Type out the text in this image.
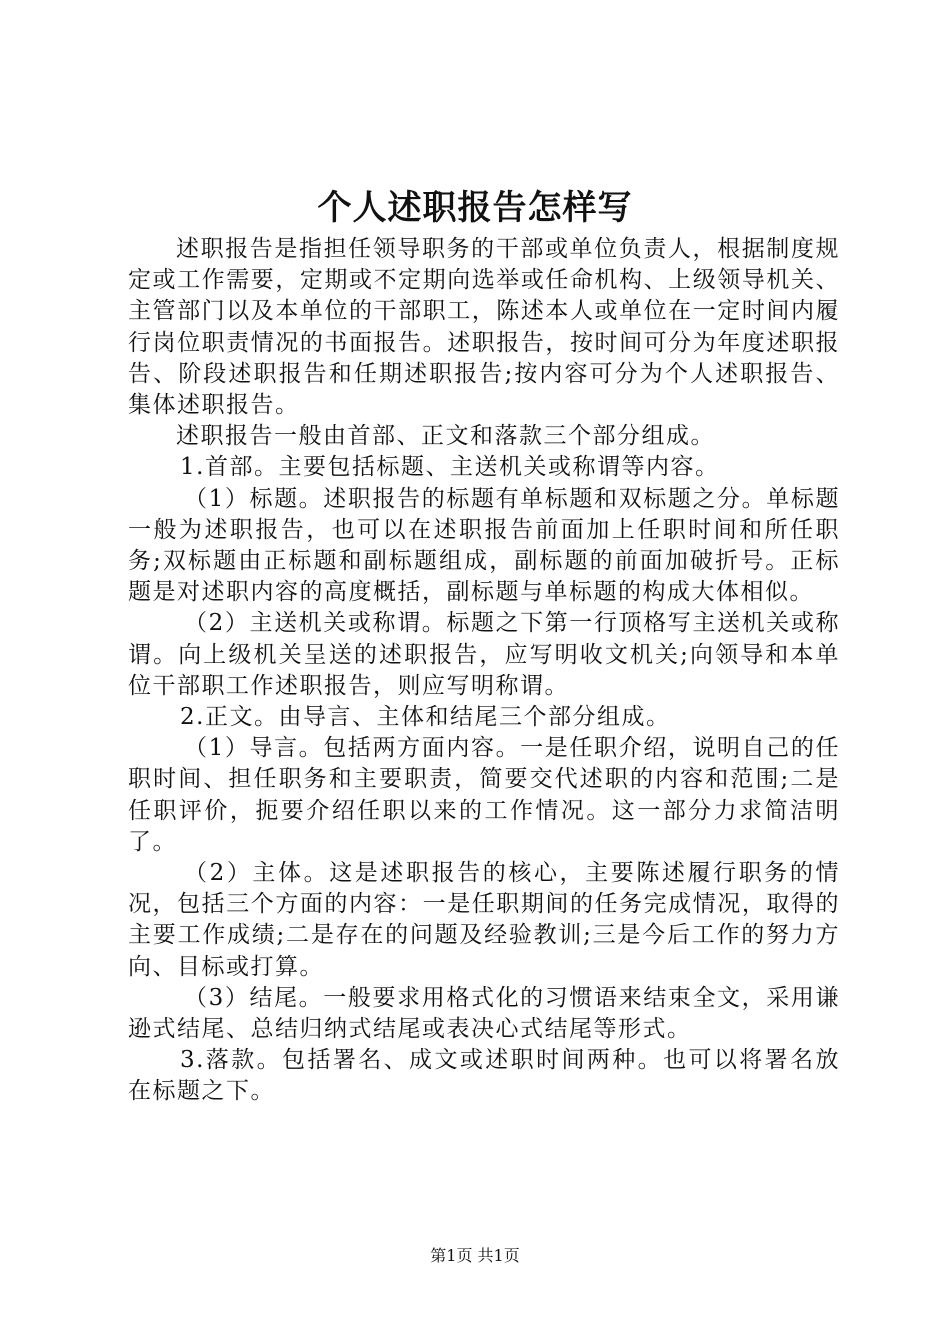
个人述职报告怎样写

述职报告是指担任领导职务的干部或单位负责人，根据制度规定或工作需要，定期或不定期向选举或任命机构、上级领导机关、主管部门以及本单位的干部职工，陈述本人或单位在一定时间内履行岗位职责情况的书面报告。述职报告，按时间可分为年度述职报告、阶段述职报告和任期述职报告;按内容可分为个人述职报告、集体述职报告。

述职报告一般由首部、正文和落款三个部分组成。

1.首部。主要包括标题、主送机关或称谓等内容。

（1）标题。述职报告的标题有单标题和双标题之分。单标题一般为述职报告，也可以在述职报告前面加上任职时间和所任职务;双标题由正标题和副标题组成，副标题的前面加破折号。正标题是对述职内容的高度概括，副标题与单标题的构成大体相似。

（2）主送机关或称谓。标题之下第一行顶格写主送机关或称谓。向上级机关呈送的述职报告，应写明收文机关;向领导和本单位干部职工作述职报告，则应写明称谓。

2.正文。由导言、主体和结尾三个部分组成。

（1）导言。包括两方面内容。一是任职介绍，说明自己的任职时间、担任职务和主要职责，简要交代述职的内容和范围;二是任职评价，扼要介绍任职以来的工作情况。这一部分力求简洁明了。

（2）主体。这是述职报告的核心，主要陈述履行职务的情况，包括三个方面的内容：一是任职期间的任务完成情况，取得的主要工作成绩;二是存在的问题及经验教训;三是今后工作的努力方向、目标或打算。

（3）结尾。一般要求用格式化的习惯语来结束全文，采用谦逊式结尾、总结归纳式结尾或表决心式结尾等形式。

3.落款。包括署名、成文或述职时间两种。也可以将署名放在标题之下。

第1页 共1页
